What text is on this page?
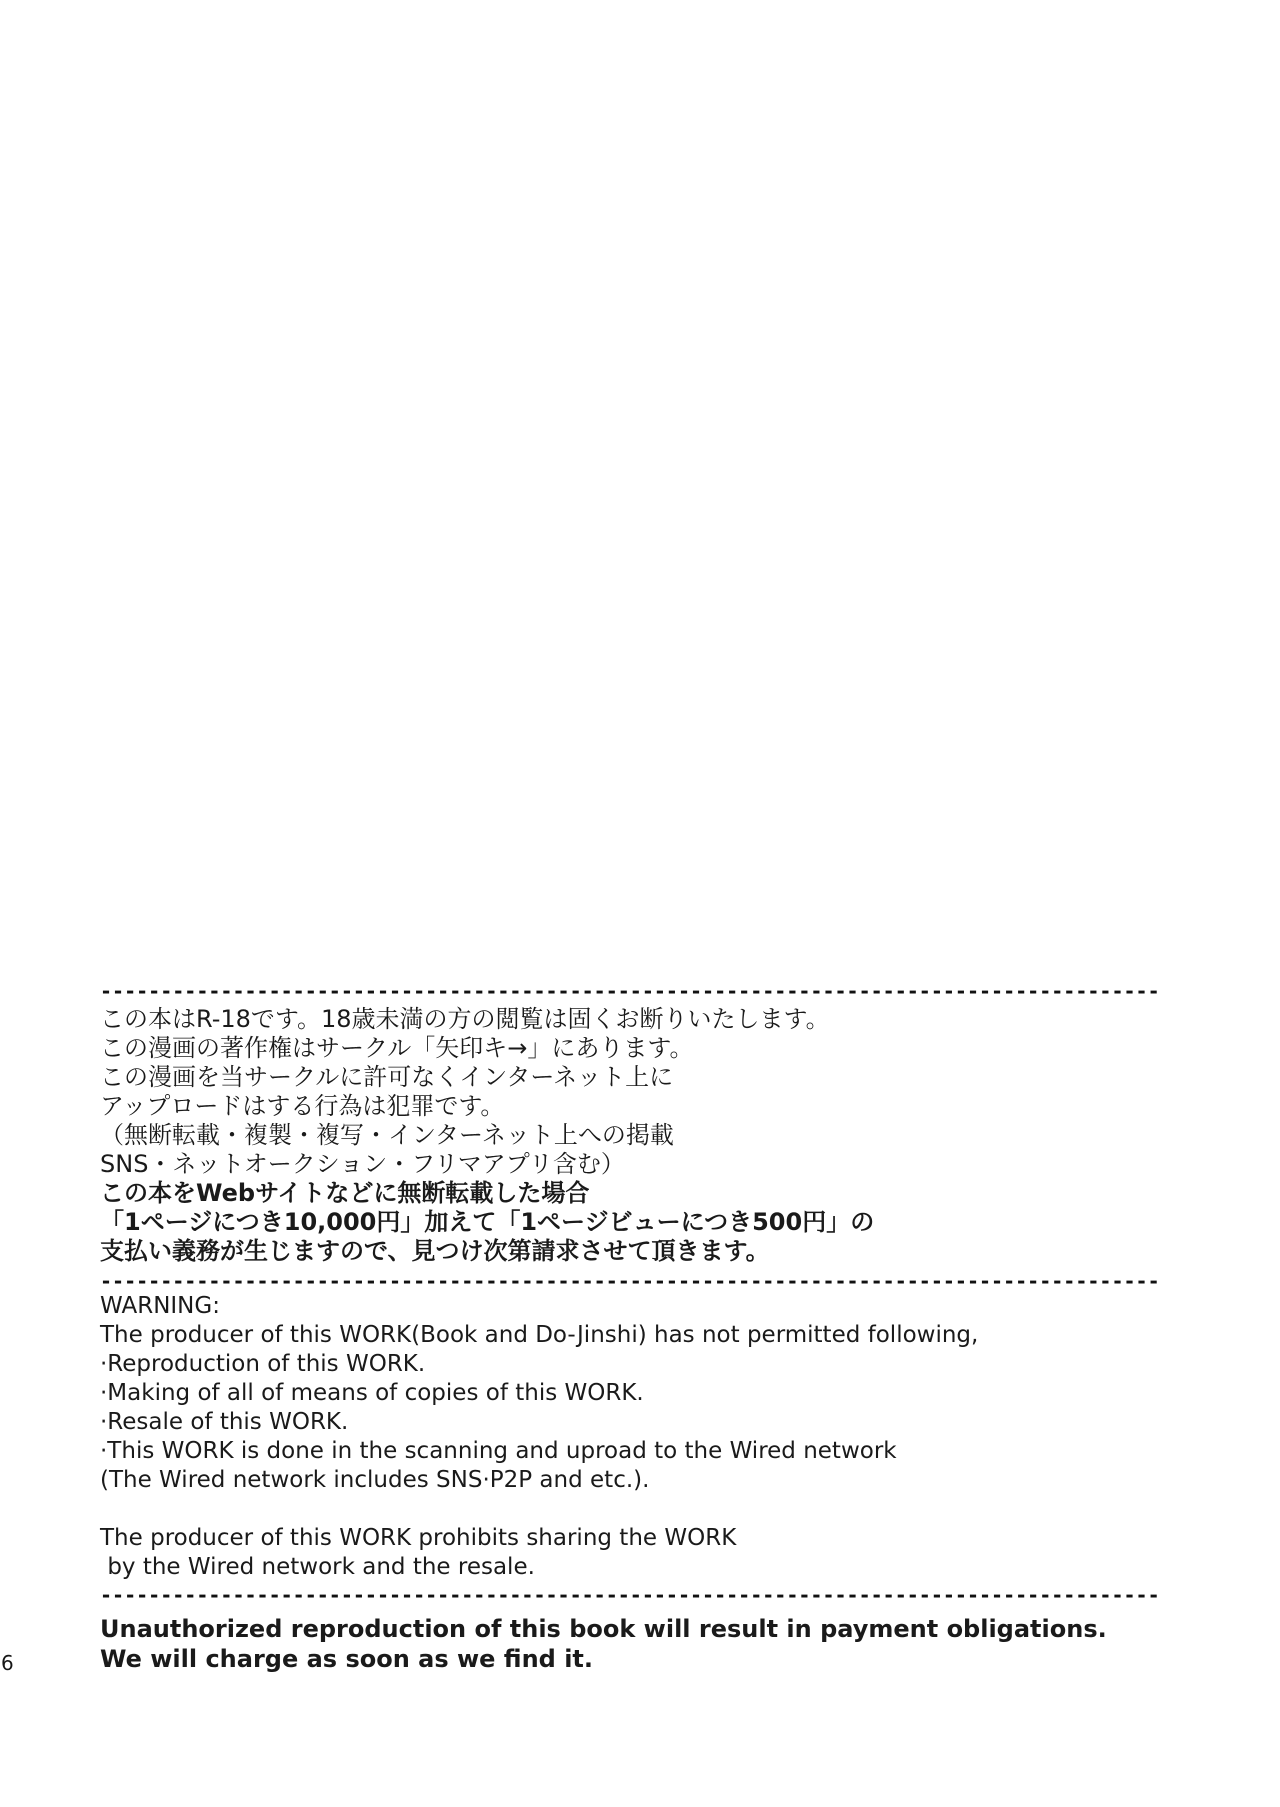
----------------------------------------------------------------------------------------

この本はR-18です。18歳未満の方の閲覧は固くお断りいたします。

この漫画の著作権はサークル「矢印キ→」にあります。

この漫画を当サークルに許可なくインターネット上に

アップロードはする行為は犯罪です。

（無断転載・複製・複写・インターネット上への掲載

SNS・ネットオークション・フリマアプリ含む）

この本をWebサイトなどに無断転載した場合

「1ページにつき10,000円」加えて「1ページビューにつき500円」の

支払い義務が生じますので、見つけ次第請求させて頂きます。

----------------------------------------------------------------------------------------

WARNING:

The producer of this WORK(Book and Do-Jinshi) has not permitted following,

·Reproduction of this WORK.

·Making of all of means of copies of this WORK.

·Resale of this WORK.

·This WORK is done in the scanning and uproad to the Wired network

(The Wired network includes SNS·P2P and etc.).

The producer of this WORK prohibits sharing the WORK

by the Wired network and the resale.

----------------------------------------------------------------------------------------

Unauthorized reproduction of this book will result in payment obligations.

We will charge as soon as we find it.

6
